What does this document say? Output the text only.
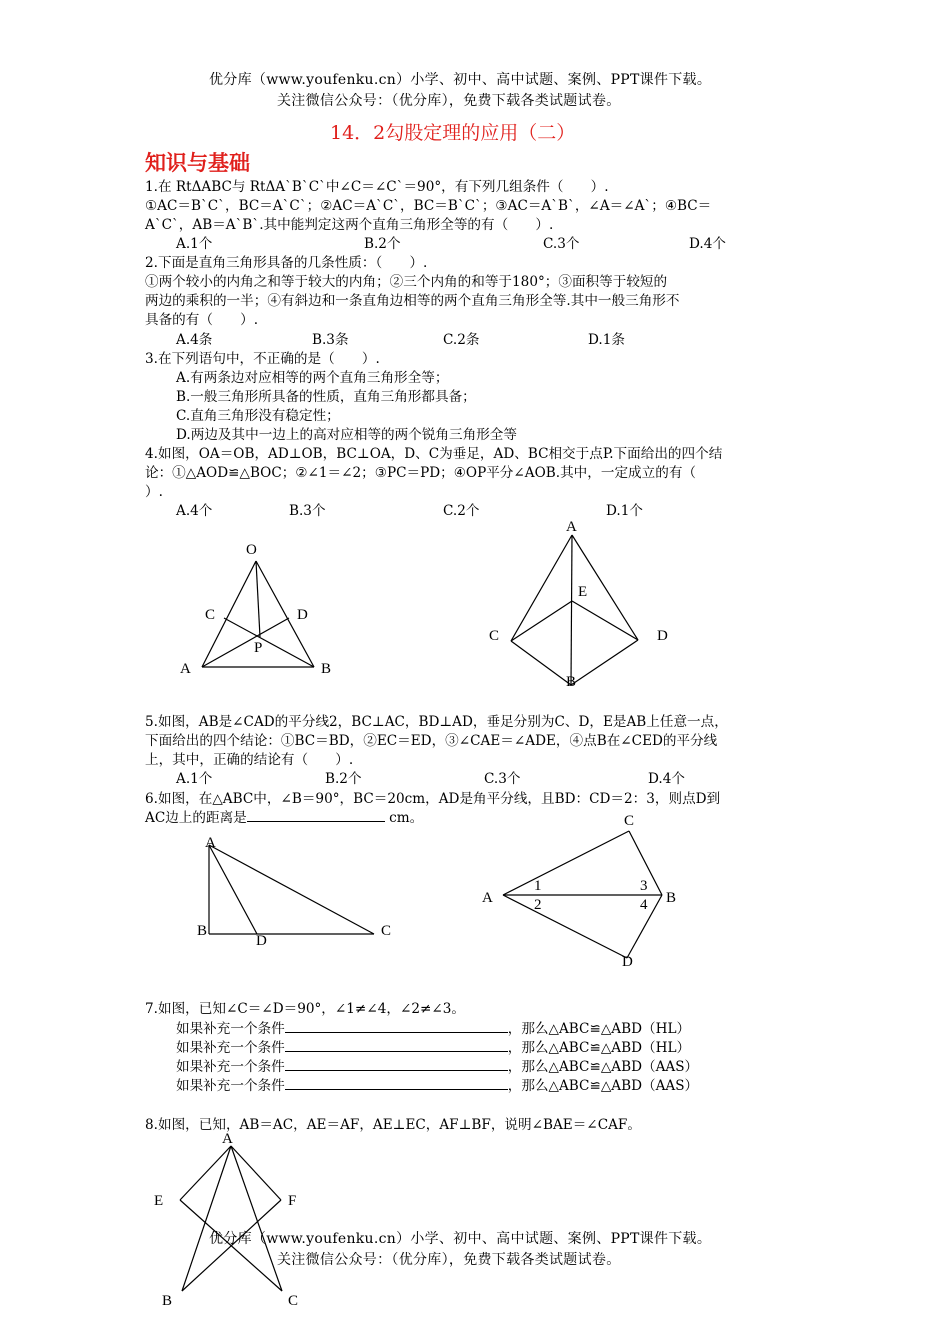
优分库（www.youfenku.cn）小学、初中、高中试题、案例、PPT课件下载。
关注微信公众号：（优分库），免费下载各类试题试卷。
14．2勾股定理的应用（二）
知识与基础
1.在 RtΔABC与 RtΔA`B`C`中∠C＝∠C`＝90°，有下列几组条件（　　）.
①AC＝B`C`，BC＝A`C`；②AC＝A`C`，BC＝B`C`；③AC＝A`B`，∠A＝∠A`；④BC＝
A`C`，AB＝A`B`.其中能判定这两个直角三角形全等的有（　　）.
A.1个	B.2个	C.3个	D.4个
2.下面是直角三角形具备的几条性质：（　　）.
①两个较小的内角之和等于较大的内角；②三个内角的和等于180°；③面积等于较短的
两边的乘积的一半；④有斜边和一条直角边相等的两个直角三角形全等.其中一般三角形不
具备的有（　　）.
A.4条	B.3条	C.2条	D.1条
3.在下列语句中，不正确的是（　　）.
A.有两条边对应相等的两个直角三角形全等；
B.一般三角形所具备的性质，直角三角形都具备；
C.直角三角形没有稳定性；
D.两边及其中一边上的高对应相等的两个锐角三角形全等
4.如图，OA＝OB，AD⊥OB，BC⊥OA，D、C为垂足，AD、BC相交于点P.下面给出的四个结
论：①△AOD≌△BOC；②∠1＝∠2；③PC＝PD；④OP平分∠AOB.其中，一定成立的有（
）.
A.4个	B.3个	C.2个	D.1个
O
C	D
P
A	B
A
E
C	D
B
5.如图，AB是∠CAD的平分线2，BC⊥AC，BD⊥AD，垂足分别为C、D，E是AB上任意一点，
下面给出的四个结论：①BC＝BD，②EC＝ED，③∠CAE＝∠ADE，④点B在∠CED的平分线
上，其中，正确的结论有（　　）.
A.1个	B.2个	C.3个	D.4个
6.如图，在△ABC中，∠B＝90°，BC＝20cm，AD是角平分线，且BD：CD＝2：3，则点D到
AC边上的距离是	cm。
A
B
D
C
C
A	B
D
1
2
3
4
7.如图，已知∠C＝∠D＝90°，∠1≠∠4，∠2≠∠3。
如果补充一个条件	，那么△ABC≌△ABD（HL）
如果补充一个条件	，那么△ABC≌△ABD（HL）
如果补充一个条件	，那么△ABC≌△ABD（AAS）
如果补充一个条件	，那么△ABC≌△ABD（AAS）
8.如图，已知，AB＝AC，AE＝AF，AE⊥EC，AF⊥BF，说明∠BAE＝∠CAF。
A
E	F
B	C
优分库（www.youfenku.cn）小学、初中、高中试题、案例、PPT课件下载。
关注微信公众号：（优分库），免费下载各类试题试卷。
